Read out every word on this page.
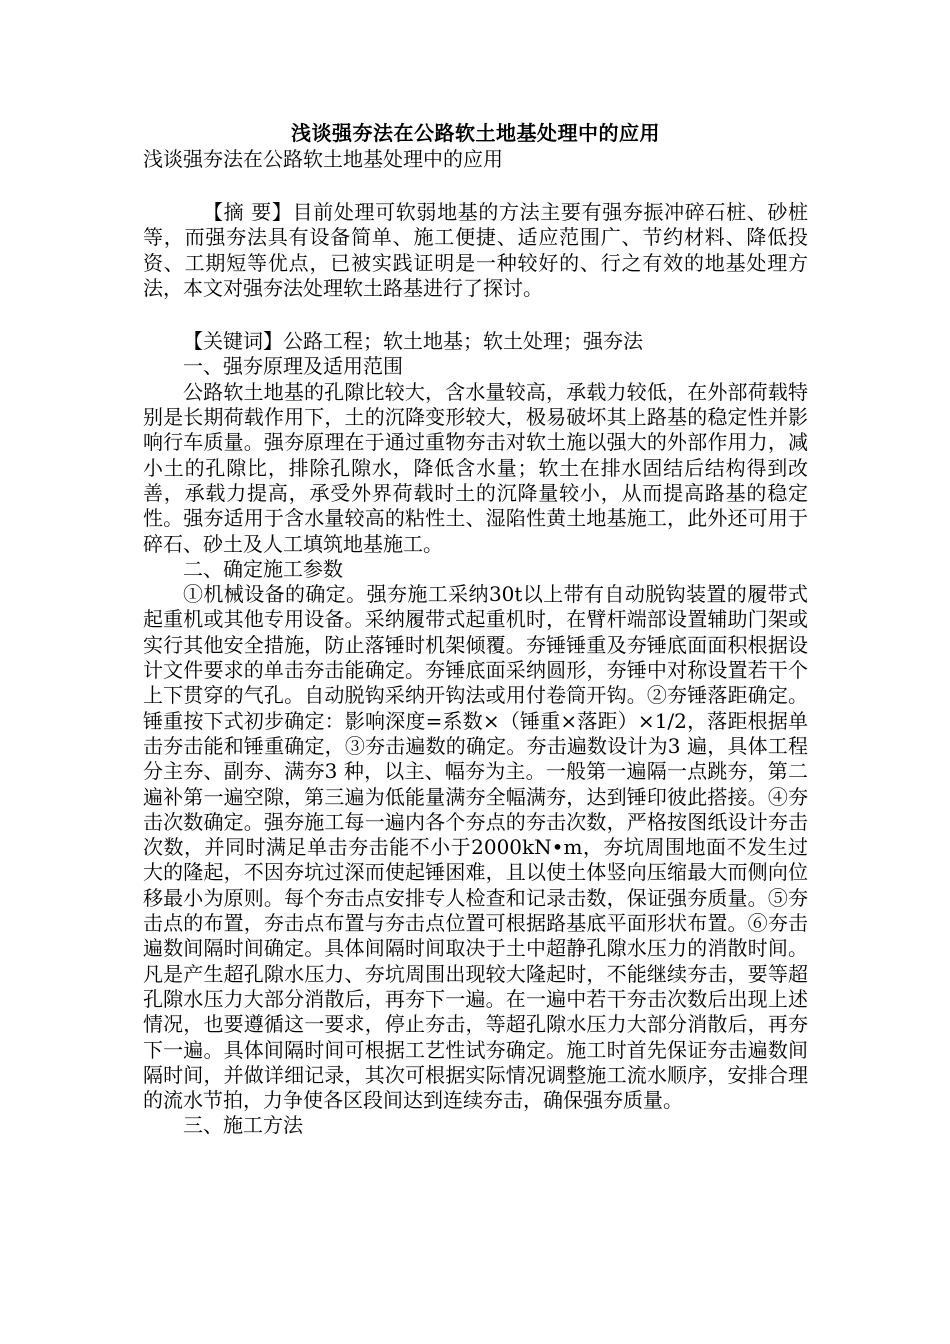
浅谈强夯法在公路软土地基处理中的应用
浅谈强夯法在公路软土地基处理中的应用

【摘 要】目前处理可软弱地基的方法主要有强夯振冲碎石桩、砂桩等，而强夯法具有设备简单、施工便捷、适应范围广、节约材料、降低投资、工期短等优点，已被实践证明是一种较好的、行之有效的地基处理方法，本文对强夯法处理软土路基进行了探讨。

【关键词】公路工程；软土地基；软土处理；强夯法

一、强夯原理及适用范围

公路软土地基的孔隙比较大，含水量较高，承载力较低，在外部荷载特别是长期荷载作用下，土的沉降变形较大，极易破坏其上路基的稳定性并影响行车质量。强夯原理在于通过重物夯击对软土施以强大的外部作用力，减小土的孔隙比，排除孔隙水，降低含水量；软土在排水固结后结构得到改善，承载力提高，承受外界荷载时土的沉降量较小，从而提高路基的稳定性。强夯适用于含水量较高的粘性土、湿陷性黄土地基施工，此外还可用于碎石、砂土及人工填筑地基施工。

二、确定施工参数

①机械设备的确定。强夯施工采纳30t以上带有自动脱钩装置的履带式起重机或其他专用设备。采纳履带式起重机时，在臂杆端部设置辅助门架或实行其他安全措施，防止落锤时机架倾覆。夯锤锤重及夯锤底面面积根据设计文件要求的单击夯击能确定。夯锤底面采纳圆形，夯锤中对称设置若干个上下贯穿的气孔。自动脱钩采纳开钩法或用付卷筒开钩。②夯锤落距确定。锤重按下式初步确定：影响深度=系数×（锤重×落距）×1/2，落距根据单击夯击能和锤重确定，③夯击遍数的确定。夯击遍数设计为3 遍，具体工程分主夯、副夯、满夯3 种，以主、幅夯为主。一般第一遍隔一点跳夯，第二遍补第一遍空隙，第三遍为低能量满夯全幅满夯，达到锤印彼此搭接。④夯击次数确定。强夯施工每一遍内各个夯点的夯击次数，严格按图纸设计夯击次数，并同时满足单击夯击能不小于2000kN•m，夯坑周围地面不发生过大的隆起，不因夯坑过深而使起锤困难，且以使土体竖向压缩最大而侧向位移最小为原则。每个夯击点安排专人检查和记录击数，保证强夯质量。⑤夯击点的布置，夯击点布置与夯击点位置可根据路基底平面形状布置。⑥夯击遍数间隔时间确定。具体间隔时间取决于土中超静孔隙水压力的消散时间。凡是产生超孔隙水压力、夯坑周围出现较大隆起时，不能继续夯击，要等超孔隙水压力大部分消散后，再夯下一遍。在一遍中若干夯击次数后出现上述情况，也要遵循这一要求，停止夯击，等超孔隙水压力大部分消散后，再夯下一遍。具体间隔时间可根据工艺性试夯确定。施工时首先保证夯击遍数间隔时间，并做详细记录，其次可根据实际情况调整施工流水顺序，安排合理的流水节拍，力争使各区段间达到连续夯击，确保强夯质量。

三、施工方法
